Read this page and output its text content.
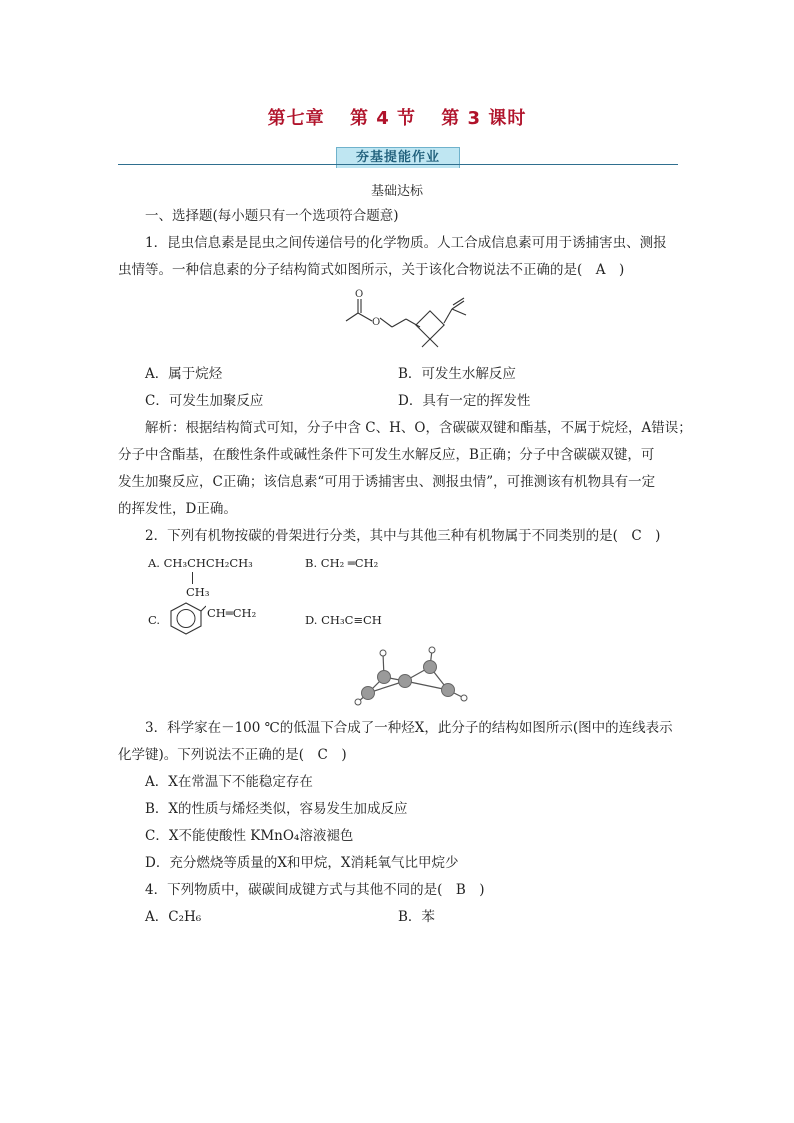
第七章 第 4 节 第 3 课时
夯基提能作业
基础达标
一、选择题(每小题只有一个选项符合题意)
1．昆虫信息素是昆虫之间传递信号的化学物质。人工合成信息素可用于诱捕害虫、测报
虫情等。一种信息素的分子结构简式如图所示，关于该化合物说法不正确的是(　A　)
O
O
A．属于烷烃	B．可发生水解反应
C．可发生加聚反应	D．具有一定的挥发性
解析：根据结构简式可知，分子中含 C、H、O，含碳碳双键和酯基，不属于烷烃，A错误；
分子中含酯基，在酸性条件或碱性条件下可发生水解反应，B正确；分子中含碳碳双键，可
发生加聚反应，C正确；该信息素“可用于诱捕害虫、测报虫情”，可推测该有机物具有一定
的挥发性，D正确。
2．下列有机物按碳的骨架进行分类，其中与其他三种有机物属于不同类别的是(　C　)
A. CH₃CHCH₂CH₃
CH₃
B. CH₂ ═CH₂
C.	CH═CH₂	D. CH₃C≡CH
3．科学家在－100 ℃的低温下合成了一种烃X，此分子的结构如图所示(图中的连线表示
化学键)。下列说法不正确的是(　C　)
A．X在常温下不能稳定存在
B．X的性质与烯烃类似，容易发生加成反应
C．X不能使酸性 KMnO₄溶液褪色
D．充分燃烧等质量的X和甲烷，X消耗氧气比甲烷少
4．下列物质中，碳碳间成键方式与其他不同的是(　B　)
A．C₂H₆	B．苯
